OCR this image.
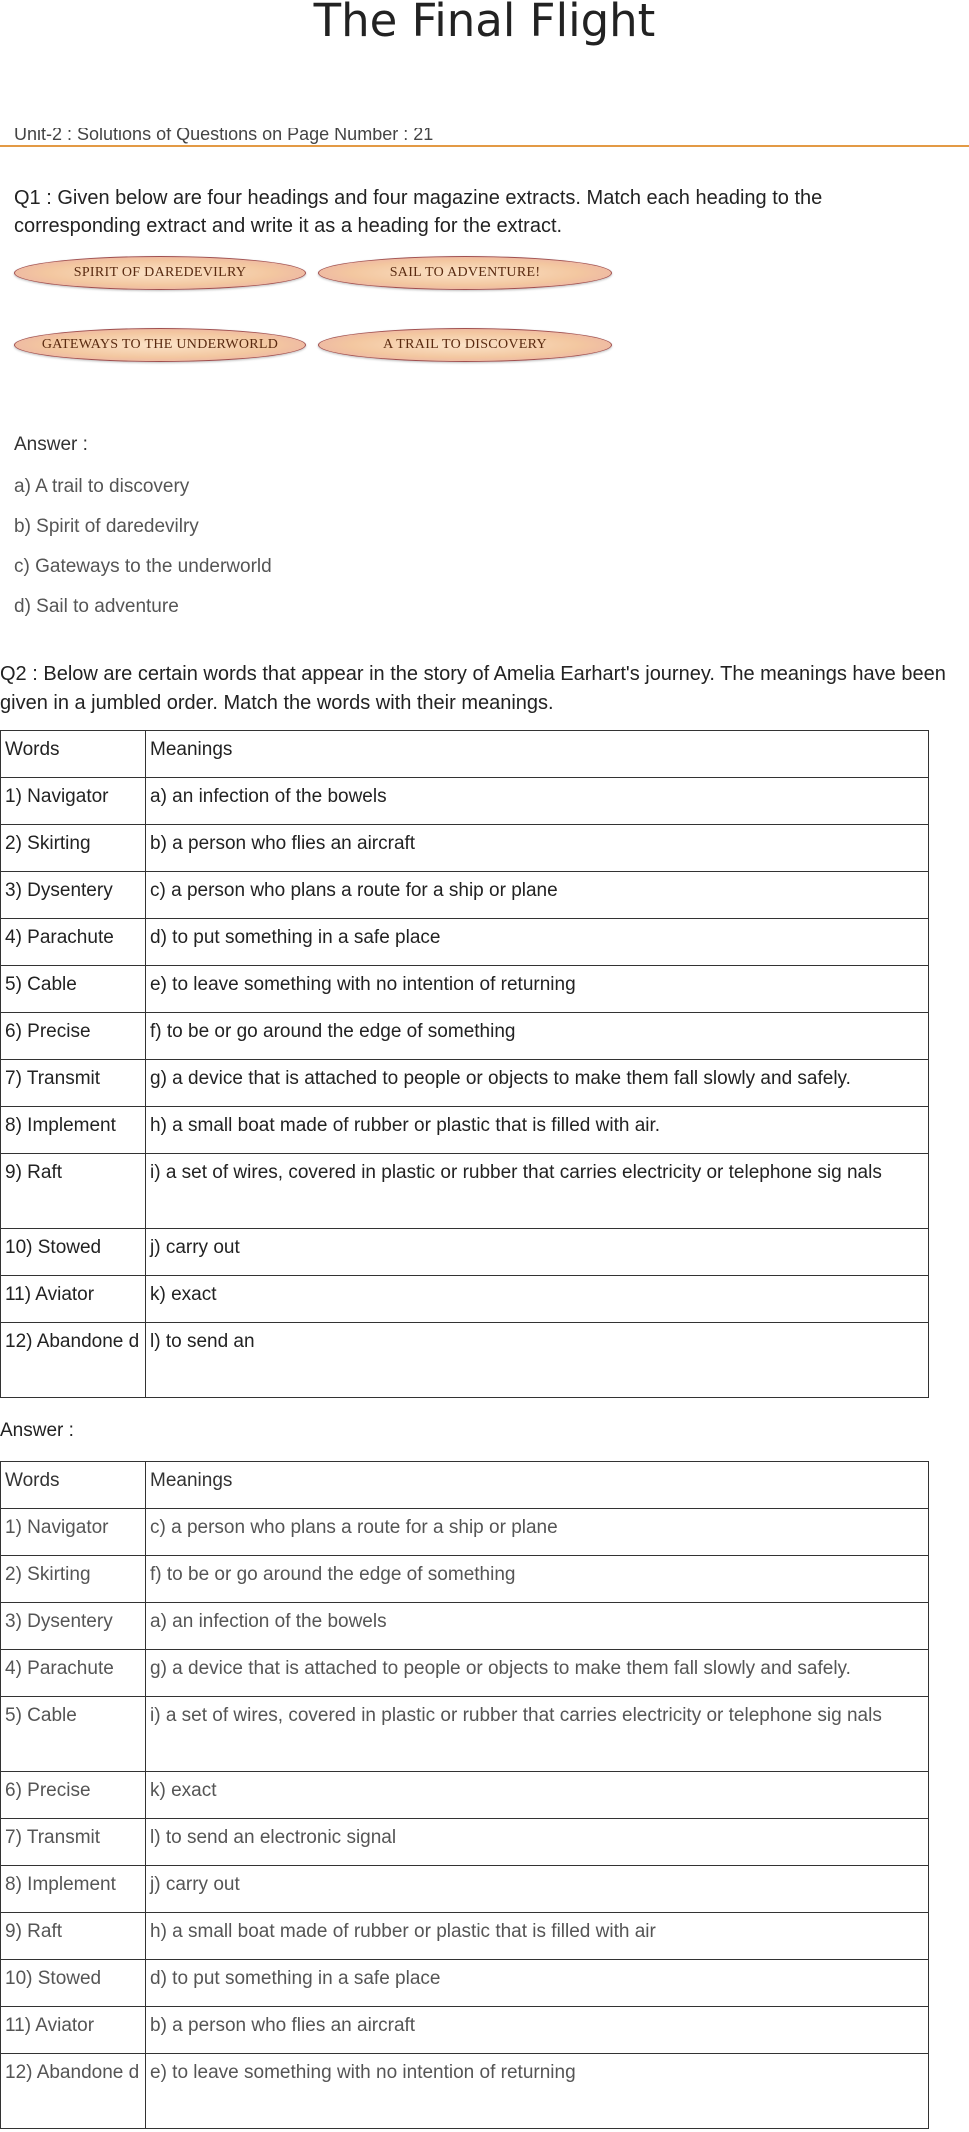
The Final Flight
Unit-2 : Solutions of Questions on Page Number : 21

Q1 : Given below are four headings and four magazine extracts. Match each heading to the corresponding extract and write it as a heading for the extract.

SPIRIT OF DAREDEVILRY	SAIL TO ADVENTURE!
GATEWAYS TO THE UNDERWORLD	A TRAIL TO DISCOVERY

Answer :

a) A trail to discovery

b) Spirit of daredevilry

c) Gateways to the underworld

d) Sail to adventure

Q2 : Below are certain words that appear in the story of Amelia Earhart's journey. The meanings have been given in a jumbled order. Match the words with their meanings.

Words	Meanings
1) Navigator	a) an infection of the bowels
2) Skirting	b) a person who flies an aircraft
3) Dysentery	c) a person who plans a route for a ship or plane
4) Parachute	d) to put something in a safe place
5) Cable	e) to leave something with no intention of returning
6) Precise	f) to be or go around the edge of something
7) Transmit	g) a device that is attached to people or objects to make them fall slowly and safely.
8) Implement	h) a small boat made of rubber or plastic that is filled with air.
9) Raft	i) a set of wires, covered in plastic or rubber that carries electricity or telephone sig nals
10) Stowed	j) carry out
11) Aviator	k) exact
12) Abandone d	l) to send an

Answer :

Words	Meanings
1) Navigator	c) a person who plans a route for a ship or plane
2) Skirting	f) to be or go around the edge of something
3) Dysentery	a) an infection of the bowels
4) Parachute	g) a device that is attached to people or objects to make them fall slowly and safely.
5) Cable	i) a set of wires, covered in plastic or rubber that carries electricity or telephone sig nals
6) Precise	k) exact
7) Transmit	l) to send an electronic signal
8) Implement	j) carry out
9) Raft	h) a small boat made of rubber or plastic that is filled with air
10) Stowed	d) to put something in a safe place
11) Aviator	b) a person who flies an aircraft
12) Abandone d	e) to leave something with no intention of returning
